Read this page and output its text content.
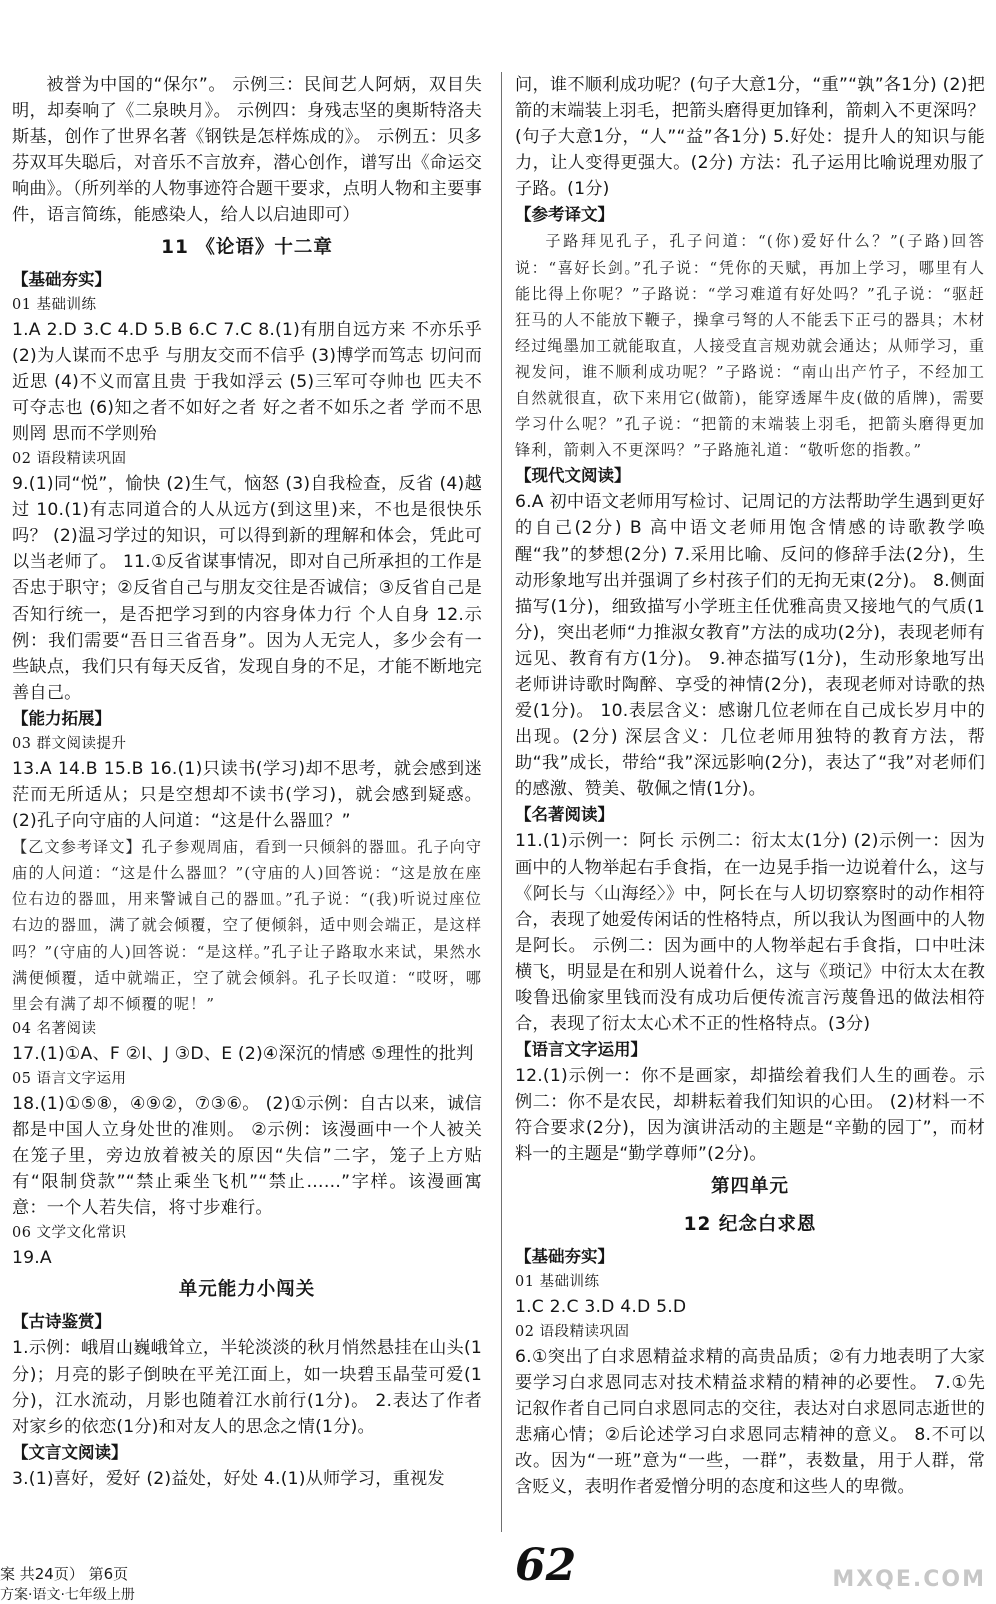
被誉为中国的“保尔”。 示例三：民间艺人阿炳，双目失明，却奏响了《二泉映月》。 示例四：身残志坚的奥斯特洛夫斯基，创作了世界名著《钢铁是怎样炼成的》。 示例五：贝多芬双耳失聪后，对音乐不言放弃，潜心创作，谱写出《命运交响曲》。（所列举的人物事迹符合题干要求，点明人物和主要事件，语言简练，能感染人，给人以启迪即可）
11 《论语》十二章
【基础夯实】
01 基础训练
1.A 2.D 3.C 4.D 5.B 6.C 7.C 8.(1)有朋自远方来 不亦乐乎 (2)为人谋而不忠乎 与朋友交而不信乎 (3)博学而笃志 切问而近思 (4)不义而富且贵 于我如浮云 (5)三军可夺帅也 匹夫不可夺志也 (6)知之者不如好之者 好之者不如乐之者 学而不思则罔 思而不学则殆
02 语段精读巩固
9.(1)同“悦”，愉快 (2)生气，恼怒 (3)自我检查，反省 (4)越过 10.(1)有志同道合的人从远方(到这里)来，不也是很快乐吗？ (2)温习学过的知识，可以得到新的理解和体会，凭此可以当老师了。 11.①反省谋事情况，即对自己所承担的工作是否忠于职守；②反省自己与朋友交往是否诚信；③反省自己是否知行统一，是否把学习到的内容身体力行 个人自身 12.示例：我们需要“吾日三省吾身”。因为人无完人，多少会有一些缺点，我们只有每天反省，发现自身的不足，才能不断地完善自己。
【能力拓展】
03 群文阅读提升
13.A 14.B 15.B 16.(1)只读书(学习)却不思考，就会感到迷茫而无所适从；只是空想却不读书(学习)，就会感到疑惑。 (2)孔子向守庙的人问道：“这是什么器皿？”
【乙文参考译文】孔子参观周庙，看到一只倾斜的器皿。孔子向守庙的人问道：“这是什么器皿？”(守庙的人)回答说：“这是放在座位右边的器皿，用来警诫自己的器皿。”孔子说：“(我)听说过座位右边的器皿，满了就会倾覆，空了便倾斜，适中则会端正，是这样吗？”(守庙的人)回答说：“是这样。”孔子让子路取水来试，果然水满便倾覆，适中就端正，空了就会倾斜。孔子长叹道：“哎呀，哪里会有满了却不倾覆的呢！”
04 名著阅读
17.(1)①A、F ②I、J ③D、E (2)④深沉的情感 ⑤理性的批判
05 语言文字运用
18.(1)①⑤⑧，④⑨②，⑦③⑥。 (2)①示例：自古以来，诚信都是中国人立身处世的准则。 ②示例：该漫画中一个人被关在笼子里，旁边放着被关的原因“失信”二字，笼子上方贴有“限制贷款”“禁止乘坐飞机”“禁止……”字样。该漫画寓意：一个人若失信，将寸步难行。
06 文学文化常识
19.A
单元能力小闯关
【古诗鉴赏】
1.示例：峨眉山巍峨耸立，半轮淡淡的秋月悄然悬挂在山头(1分)；月亮的影子倒映在平羌江面上，如一块碧玉晶莹可爱(1分)，江水流动，月影也随着江水前行(1分)。 2.表达了作者对家乡的依恋(1分)和对友人的思念之情(1分)。
【文言文阅读】
3.(1)喜好，爱好 (2)益处，好处 4.(1)从师学习，重视发
问，谁不顺利成功呢？(句子大意1分，“重”“孰”各1分) (2)把箭的末端装上羽毛，把箭头磨得更加锋利，箭刺入不更深吗？(句子大意1分，“人”“益”各1分) 5.好处：提升人的知识与能力，让人变得更强大。(2分) 方法：孔子运用比喻说理劝服了子路。(1分)
【参考译文】
子路拜见孔子，孔子问道：“(你)爱好什么？”(子路)回答说：“喜好长剑。”孔子说：“凭你的天赋，再加上学习，哪里有人能比得上你呢？”子路说：“学习难道有好处吗？”孔子说：“驱赶狂马的人不能放下鞭子，操拿弓弩的人不能丢下正弓的器具；木材经过绳墨加工就能取直，人接受直言规劝就会通达；从师学习，重视发问，谁不顺利成功呢？”子路说：“南山出产竹子，不经加工自然就很直，砍下来用它(做箭)，能穿透犀牛皮(做的盾牌)，需要学习什么呢？”孔子说：“把箭的末端装上羽毛，把箭头磨得更加锋利，箭刺入不更深吗？”子路施礼道：“敬听您的指教。”
【现代文阅读】
6.A 初中语文老师用写检讨、记周记的方法帮助学生遇到更好的自己(2分) B 高中语文老师用饱含情感的诗歌教学唤醒“我”的梦想(2分) 7.采用比喻、反问的修辞手法(2分)，生动形象地写出并强调了乡村孩子们的无拘无束(2分)。 8.侧面描写(1分)，细致描写小学班主任优雅高贵又接地气的气质(1分)，突出老师“力推淑女教育”方法的成功(2分)，表现老师有远见、教育有方(1分)。 9.神态描写(1分)，生动形象地写出老师讲诗歌时陶醉、享受的神情(2分)，表现老师对诗歌的热爱(1分)。 10.表层含义：感谢几位老师在自己成长岁月中的出现。(2分) 深层含义：几位老师用独特的教育方法，帮助“我”成长，带给“我”深远影响(2分)，表达了“我”对老师们的感激、赞美、敬佩之情(1分)。
【名著阅读】
11.(1)示例一：阿长 示例二：衍太太(1分) (2)示例一：因为画中的人物举起右手食指，在一边晃手指一边说着什么，这与《阿长与〈山海经〉》中，阿长在与人切切察察时的动作相符合，表现了她爱传闲话的性格特点，所以我认为图画中的人物是阿长。 示例二：因为画中的人物举起右手食指，口中吐沫横飞，明显是在和别人说着什么，这与《琐记》中衍太太在教唆鲁迅偷家里钱而没有成功后便传流言污蔑鲁迅的做法相符合，表现了衍太太心术不正的性格特点。(3分)
【语言文字运用】
12.(1)示例一：你不是画家，却描绘着我们人生的画卷。示例二：你不是农民，却耕耘着我们知识的心田。 (2)材料一不符合要求(2分)，因为演讲活动的主题是“辛勤的园丁”，而材料一的主题是“勤学尊师”(2分)。
第四单元
12 纪念白求恩
【基础夯实】
01 基础训练
1.C 2.C 3.D 4.D 5.D
02 语段精读巩固
6.①突出了白求恩精益求精的高贵品质；②有力地表明了大家要学习白求恩同志对技术精益求精的精神的必要性。 7.①先记叙作者自己同白求恩同志的交往，表达对白求恩同志逝世的悲痛心情；②后论述学习白求恩同志精神的意义。 8.不可以改。因为“一班”意为“一些，一群”，表数量，用于人群，常含贬义，表明作者爱憎分明的态度和这些人的卑微。
案 共24页） 第6页
方案·语文·七年级上册
62	MXQE.COM
